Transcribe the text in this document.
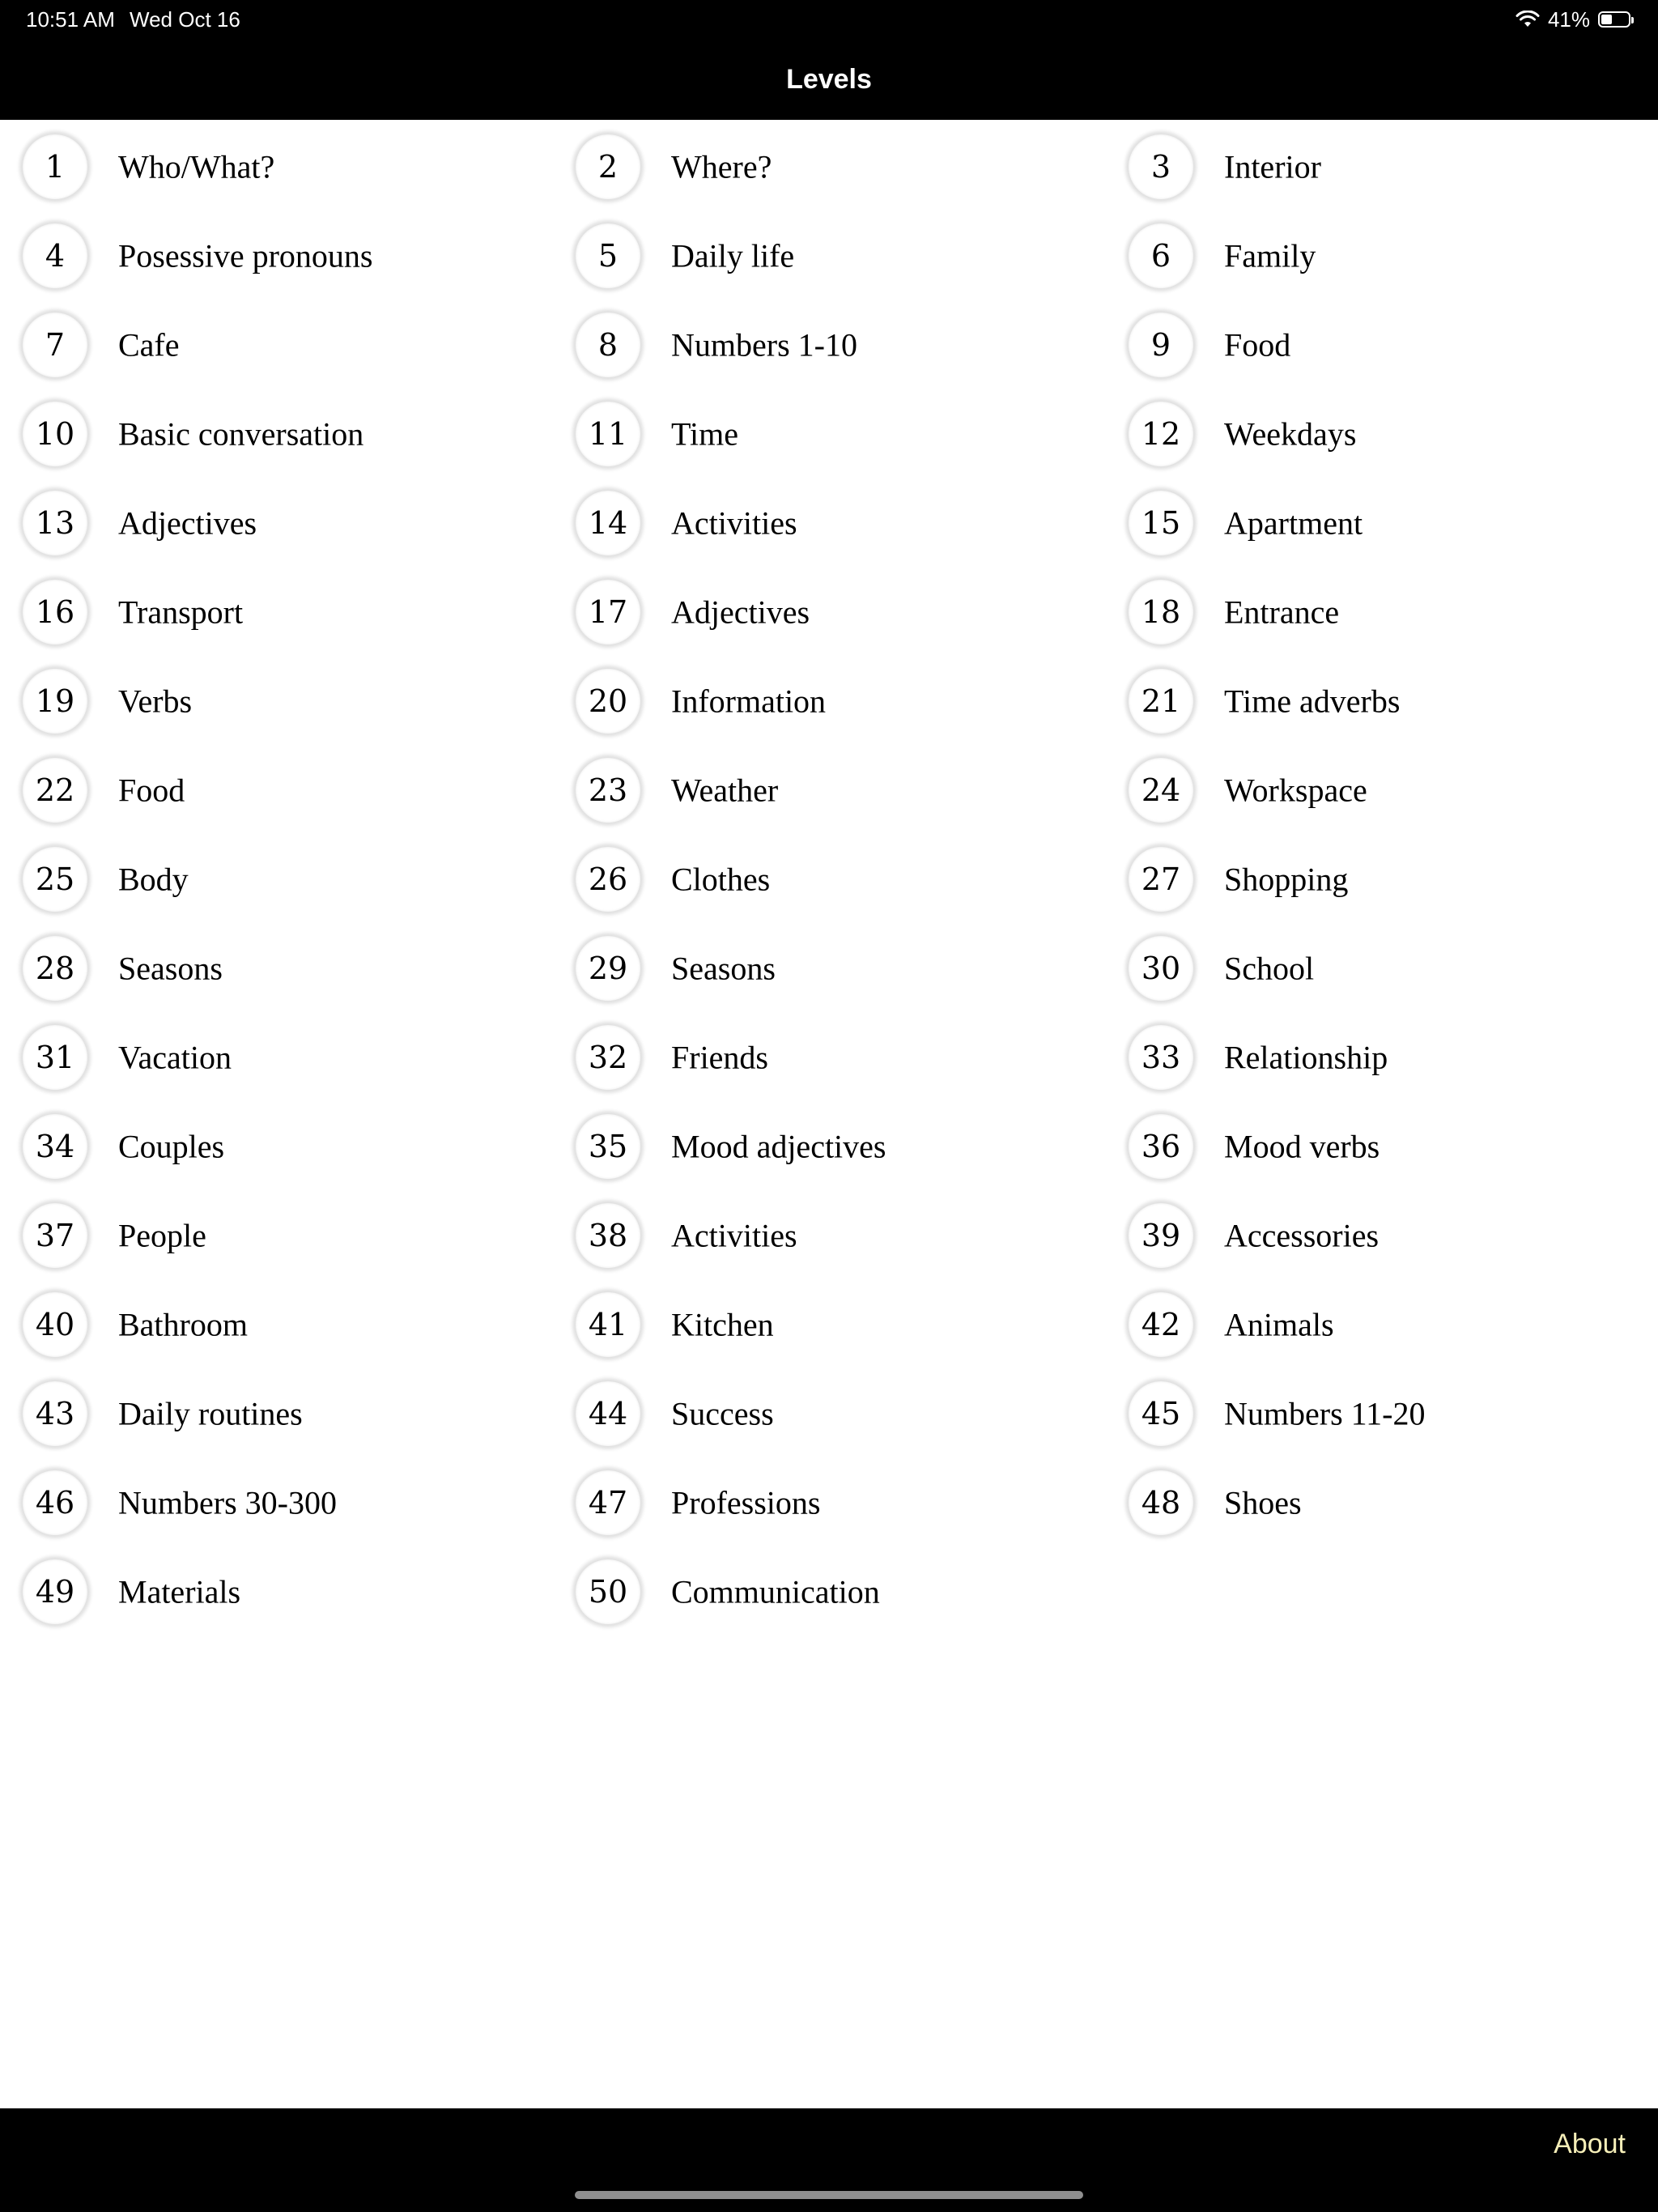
10:51 AM Wed Oct 16	41%
Levels
1	Who/What?	2	Where?	3	Interior
4	Posessive pronouns	5	Daily life	6	Family
7	Cafe	8	Numbers 1-10	9	Food
10	Basic conversation	11	Time	12	Weekdays
13	Adjectives	14	Activities	15	Apartment
16	Transport	17	Adjectives	18	Entrance
19	Verbs	20	Information	21	Time adverbs
22	Food	23	Weather	24	Workspace
25	Body	26	Clothes	27	Shopping
28	Seasons	29	Seasons	30	School
31	Vacation	32	Friends	33	Relationship
34	Couples	35	Mood adjectives	36	Mood verbs
37	People	38	Activities	39	Accessories
40	Bathroom	41	Kitchen	42	Animals
43	Daily routines	44	Success	45	Numbers 11-20
46	Numbers 30-300	47	Professions	48	Shoes
49	Materials	50	Communication
About
